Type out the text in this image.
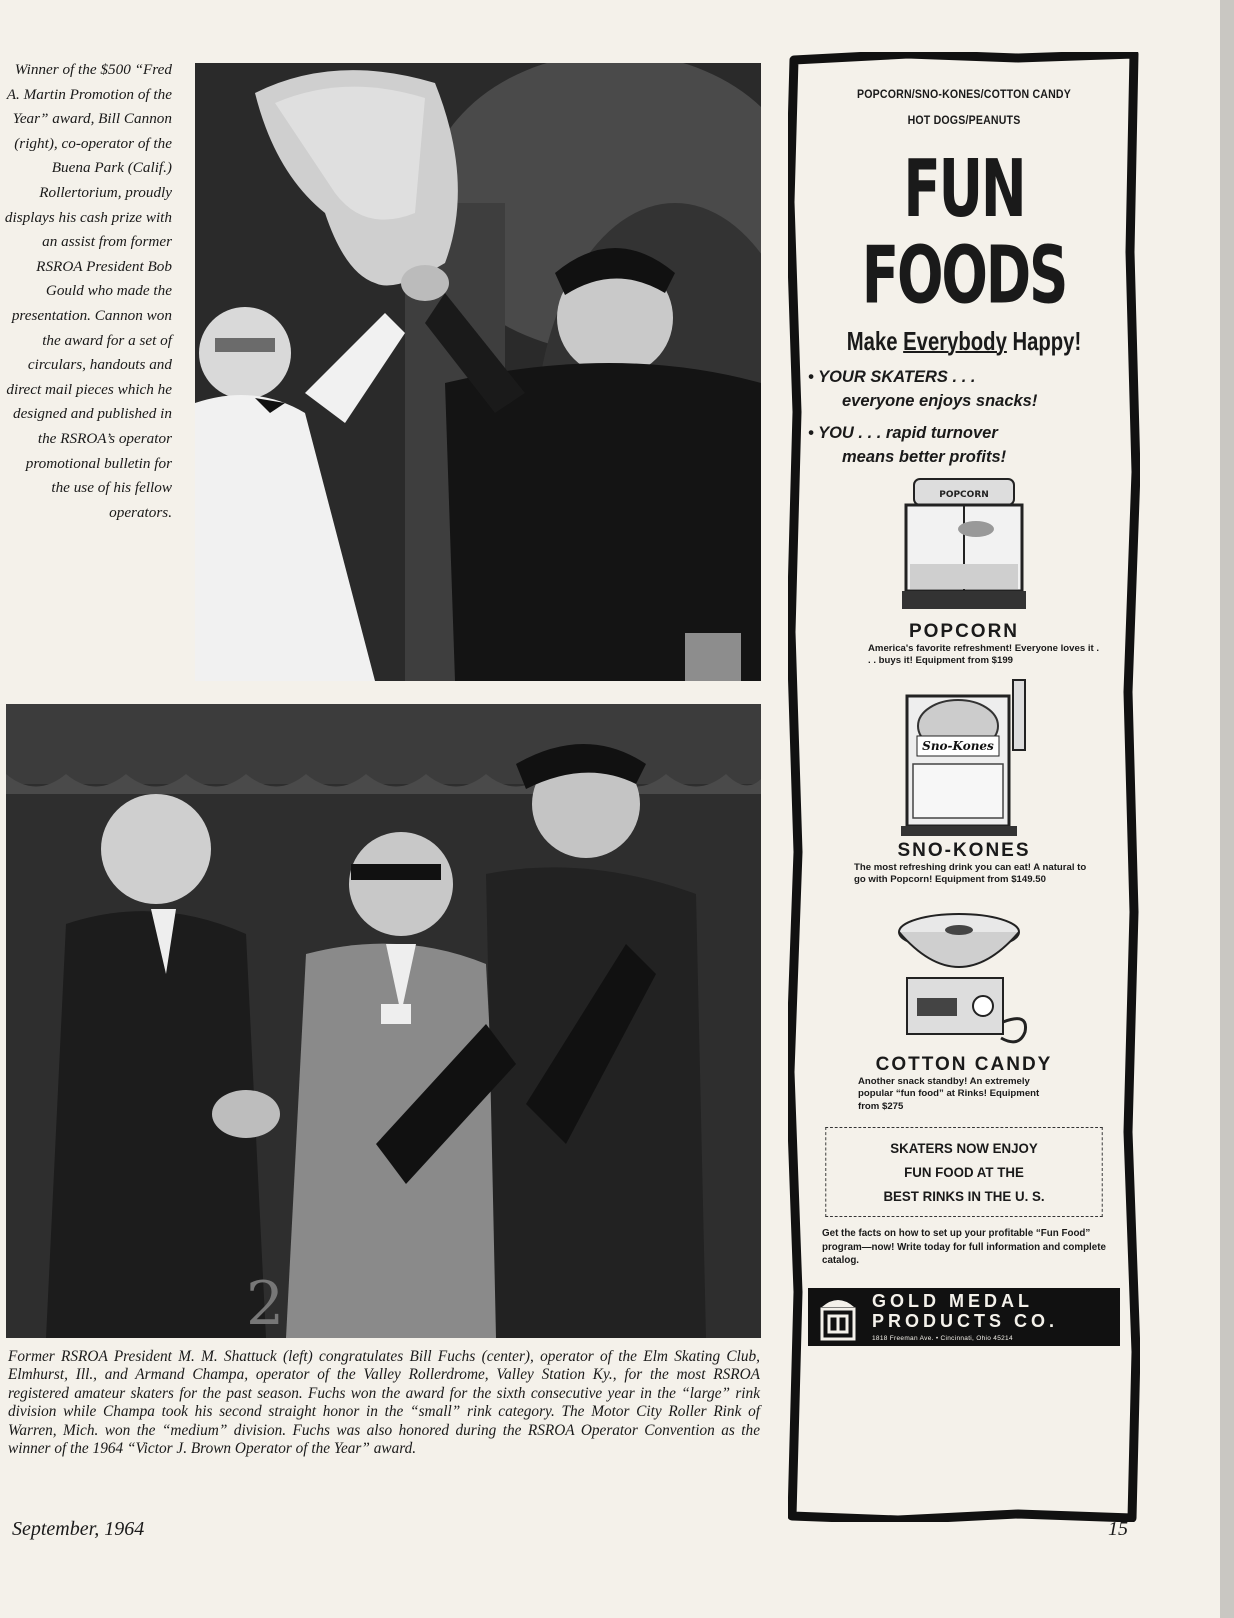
Winner of the $500 “Fred A. Martin Promotion of the Year” award, Bill Cannon (right), co-operator of the Buena Park (Calif.) Rollertorium, proudly displays his cash prize with an assist from former RSROA President Bob Gould who made the presentation. Cannon won the award for a set of circulars, handouts and direct mail pieces which he designed and published in the RSROA’s operator promotional bulletin for the use of his fellow operators.
2
Former RSROA President M. M. Shattuck (left) congratulates Bill Fuchs (center), operator of the Elm Skating Club, Elmhurst, Ill., and Armand Champa, operator of the Valley Rollerdrome, Valley Station Ky., for the most RSROA registered amateur skaters for the past season. Fuchs won the award for the sixth consecutive year in the “large” rink division while Champa took his second straight honor in the “small” rink category. The Motor City Roller Rink of Warren, Mich. won the “medium” division. Fuchs was also honored during the RSROA Operator Convention as the winner of the 1964 “Victor J. Brown Operator of the Year” award.
September, 1964	15
POPCORN/SNO-KONES/COTTON CANDY
HOT DOGS/PEANUTS
FUN FOODS
Make Everybody Happy!
• YOUR SKATERS . . .
everyone enjoys snacks!
• YOU . . . rapid turnover
means better profits!
POPCORN
POPCORN
America's favorite refreshment! Everyone loves it . . . buys it! Equipment from $199
Sno-Kones
SNO-KONES
The most refreshing drink you can eat! A natural to go with Popcorn! Equipment from $149.50
COTTON CANDY
Another snack standby! An extremely popular “fun food” at Rinks! Equipment from $275
SKATERS NOW ENJOY
FUN FOOD AT THE
BEST RINKS IN THE U. S.
Get the facts on how to set up your profitable “Fun Food” program—now! Write today for full information and complete catalog.
GOLD MEDAL
PRODUCTS CO.
1818 Freeman Ave. • Cincinnati, Ohio 45214
